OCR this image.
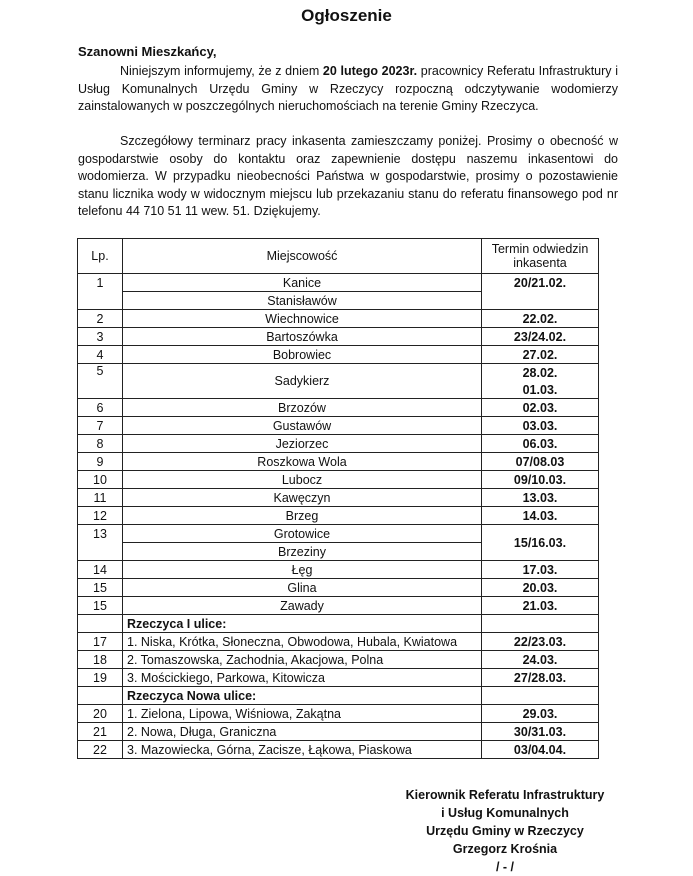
Ogłoszenie
Szanowni Mieszkańcy,
Niniejszym informujemy, że z dniem 20 lutego 2023r. pracownicy Referatu Infrastruktury i Usług Komunalnych Urzędu Gminy w Rzeczycy rozpoczną odczytywanie wodomierzy zainstalowanych w poszczególnych nieruchomościach na terenie Gminy Rzeczyca.
Szczegółowy terminarz pracy inkasenta zamieszczamy poniżej. Prosimy o obecność w gospodarstwie osoby do kontaktu oraz zapewnienie dostępu naszemu inkasentowi do wodomierza. W przypadku nieobecności Państwa w gospodarstwie, prosimy o pozostawienie stanu licznika wody w widocznym miejscu lub przekazaniu stanu do referatu finansowego pod nr telefonu 44 710 51 11 wew. 51. Dziękujemy.
Lp.	Miejscowość	Termin odwiedzin inkasenta
1	Kanice	20/21.02.
	Stanisławów	
2	Wiechnowice	22.02.
3	Bartoszówka	23/24.02.
4	Bobrowiec	27.02.
5	Sadykierz	28.02.
		01.03.
6	Brzozów	02.03.
7	Gustawów	03.03.
8	Jeziorzec	06.03.
9	Roszkowa Wola	07/08.03
10	Lubocz	09/10.03.
11	Kawęczyn	13.03.
12	Brzeg	14.03.
13	Grotowice	15/16.03.
	Brzeziny	
14	Łęg	17.03.
15	Glina	20.03.
15	Zawady	21.03.
	Rzeczyca I ulice:	
17	1. Niska, Krótka, Słoneczna, Obwodowa, Hubala, Kwiatowa	22/23.03.
18	2. Tomaszowska, Zachodnia, Akacjowa, Polna	24.03.
19	3. Mościckiego, Parkowa, Kitowicza	27/28.03.
	Rzeczyca Nowa ulice:	
20	1. Zielona, Lipowa, Wiśniowa, Zakątna	29.03.
21	2. Nowa, Długa, Graniczna	30/31.03.
22	3. Mazowiecka, Górna, Zacisze, Łąkowa, Piaskowa	03/04.04.
Kierownik Referatu Infrastruktury
i Usług Komunalnych
Urzędu Gminy w Rzeczycy
Grzegorz Krośnia
/ - /
